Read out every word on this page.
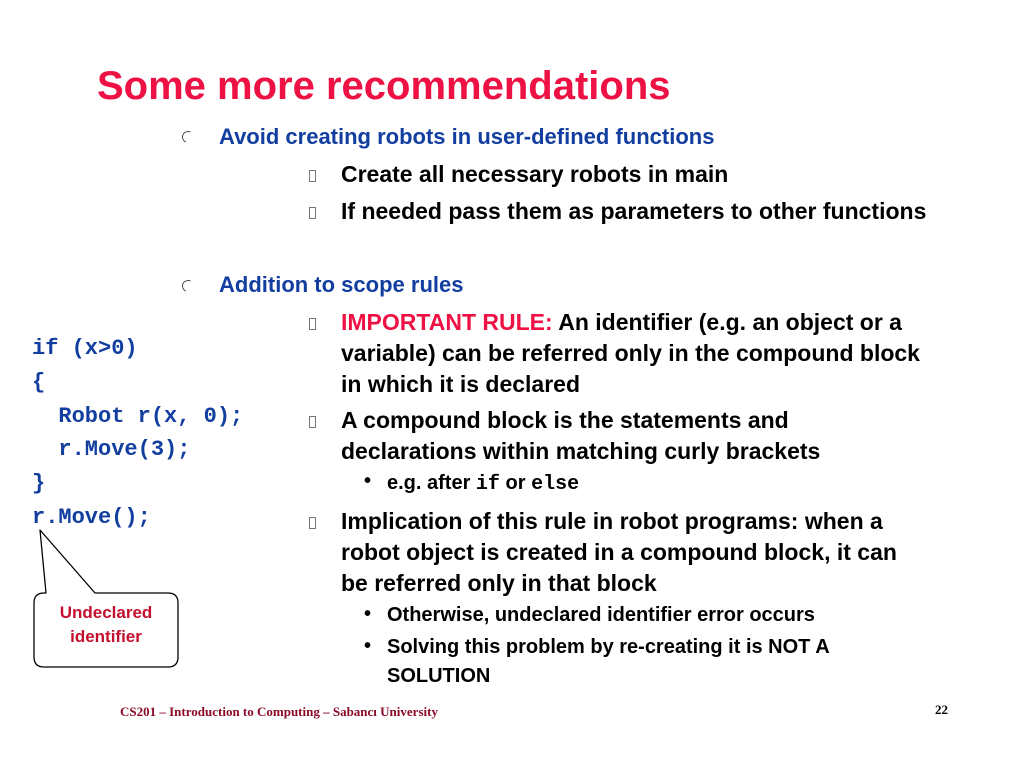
Some more recommendations
Avoid creating robots in user-defined functions
Create all necessary robots in main
If needed pass them as parameters to other functions
Addition to scope rules
IMPORTANT RULE: An identifier (e.g. an object or a
variable) can be referred only in the compound block
in which it is declared
A compound block is the statements and
declarations within matching curly brackets
• e.g. after if or else
Implication of this rule in robot programs: when a
robot object is created in a compound block, it can
be referred only in that block
• Otherwise, undeclared identifier error occurs
• Solving this problem by re-creating it is NOT A
SOLUTION
if (x>0)
{
Robot r(x, 0);
r.Move(3);
}
r.Move();
Undeclared
identifier
CS201 – Introduction to Computing – Sabancı University	22
